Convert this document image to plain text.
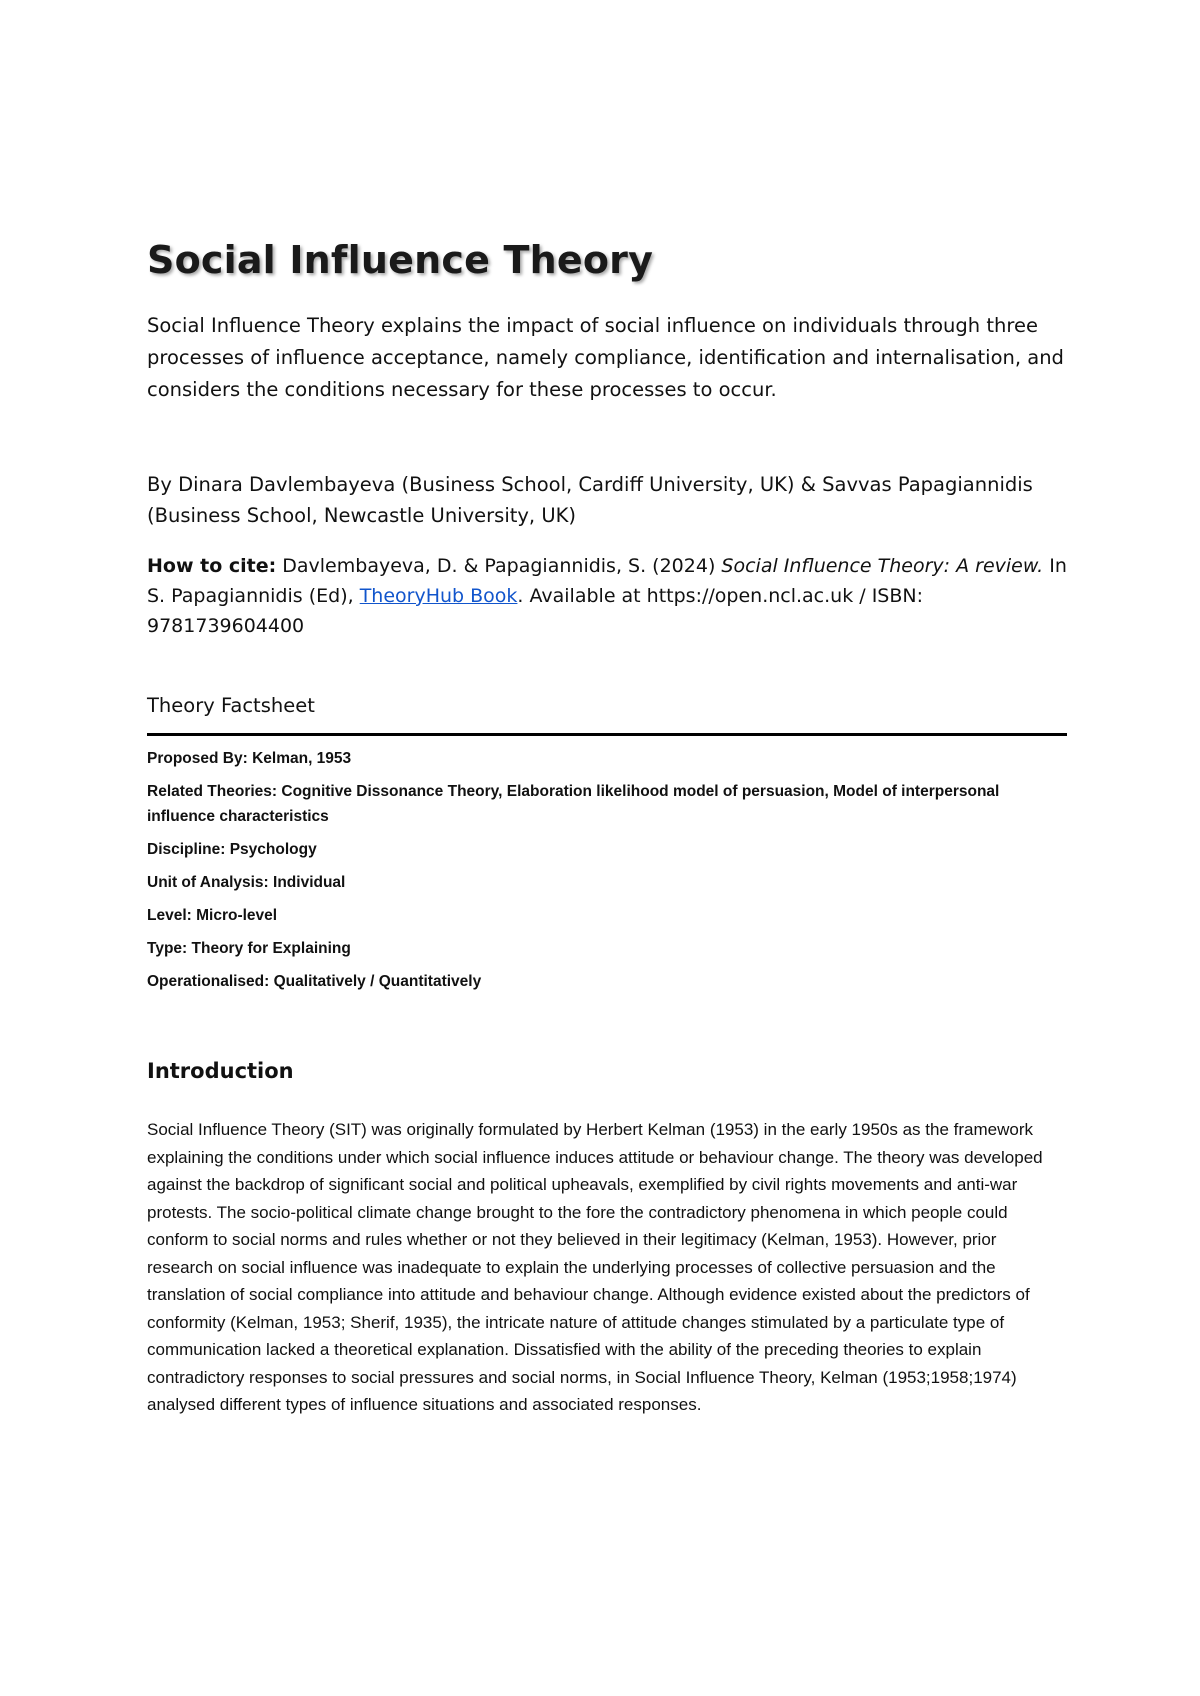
Social Influence Theory

Social Influence Theory explains the impact of social influence on individuals through three processes of influence acceptance, namely compliance, identification and internalisation, and considers the conditions necessary for these processes to occur.

By Dinara Davlembayeva (Business School, Cardiff University, UK) & Savvas Papagiannidis (Business School, Newcastle University, UK)

How to cite: Davlembayeva, D. & Papagiannidis, S. (2024) Social Influence Theory: A review. In S. Papagiannidis (Ed), TheoryHub Book. Available at https://open.ncl.ac.uk / ISBN: 9781739604400

Theory Factsheet
Proposed By: Kelman, 1953
Related Theories: Cognitive Dissonance Theory, Elaboration likelihood model of persuasion, Model of interpersonal influence characteristics
Discipline: Psychology
Unit of Analysis: Individual
Level: Micro-level
Type: Theory for Explaining
Operationalised: Qualitatively / Quantitatively
Introduction

Social Influence Theory (SIT) was originally formulated by Herbert Kelman (1953) in the early 1950s as the framework explaining the conditions under which social influence induces attitude or behaviour change. The theory was developed against the backdrop of significant social and political upheavals, exemplified by civil rights movements and anti-war protests. The socio-political climate change brought to the fore the contradictory phenomena in which people could conform to social norms and rules whether or not they believed in their legitimacy (Kelman, 1953). However, prior research on social influence was inadequate to explain the underlying processes of collective persuasion and the translation of social compliance into attitude and behaviour change. Although evidence existed about the predictors of conformity (Kelman, 1953; Sherif, 1935), the intricate nature of attitude changes stimulated by a particulate type of communication lacked a theoretical explanation. Dissatisfied with the ability of the preceding theories to explain contradictory responses to social pressures and social norms, in Social Influence Theory, Kelman (1953;1958;1974) analysed different types of influence situations and associated responses.
